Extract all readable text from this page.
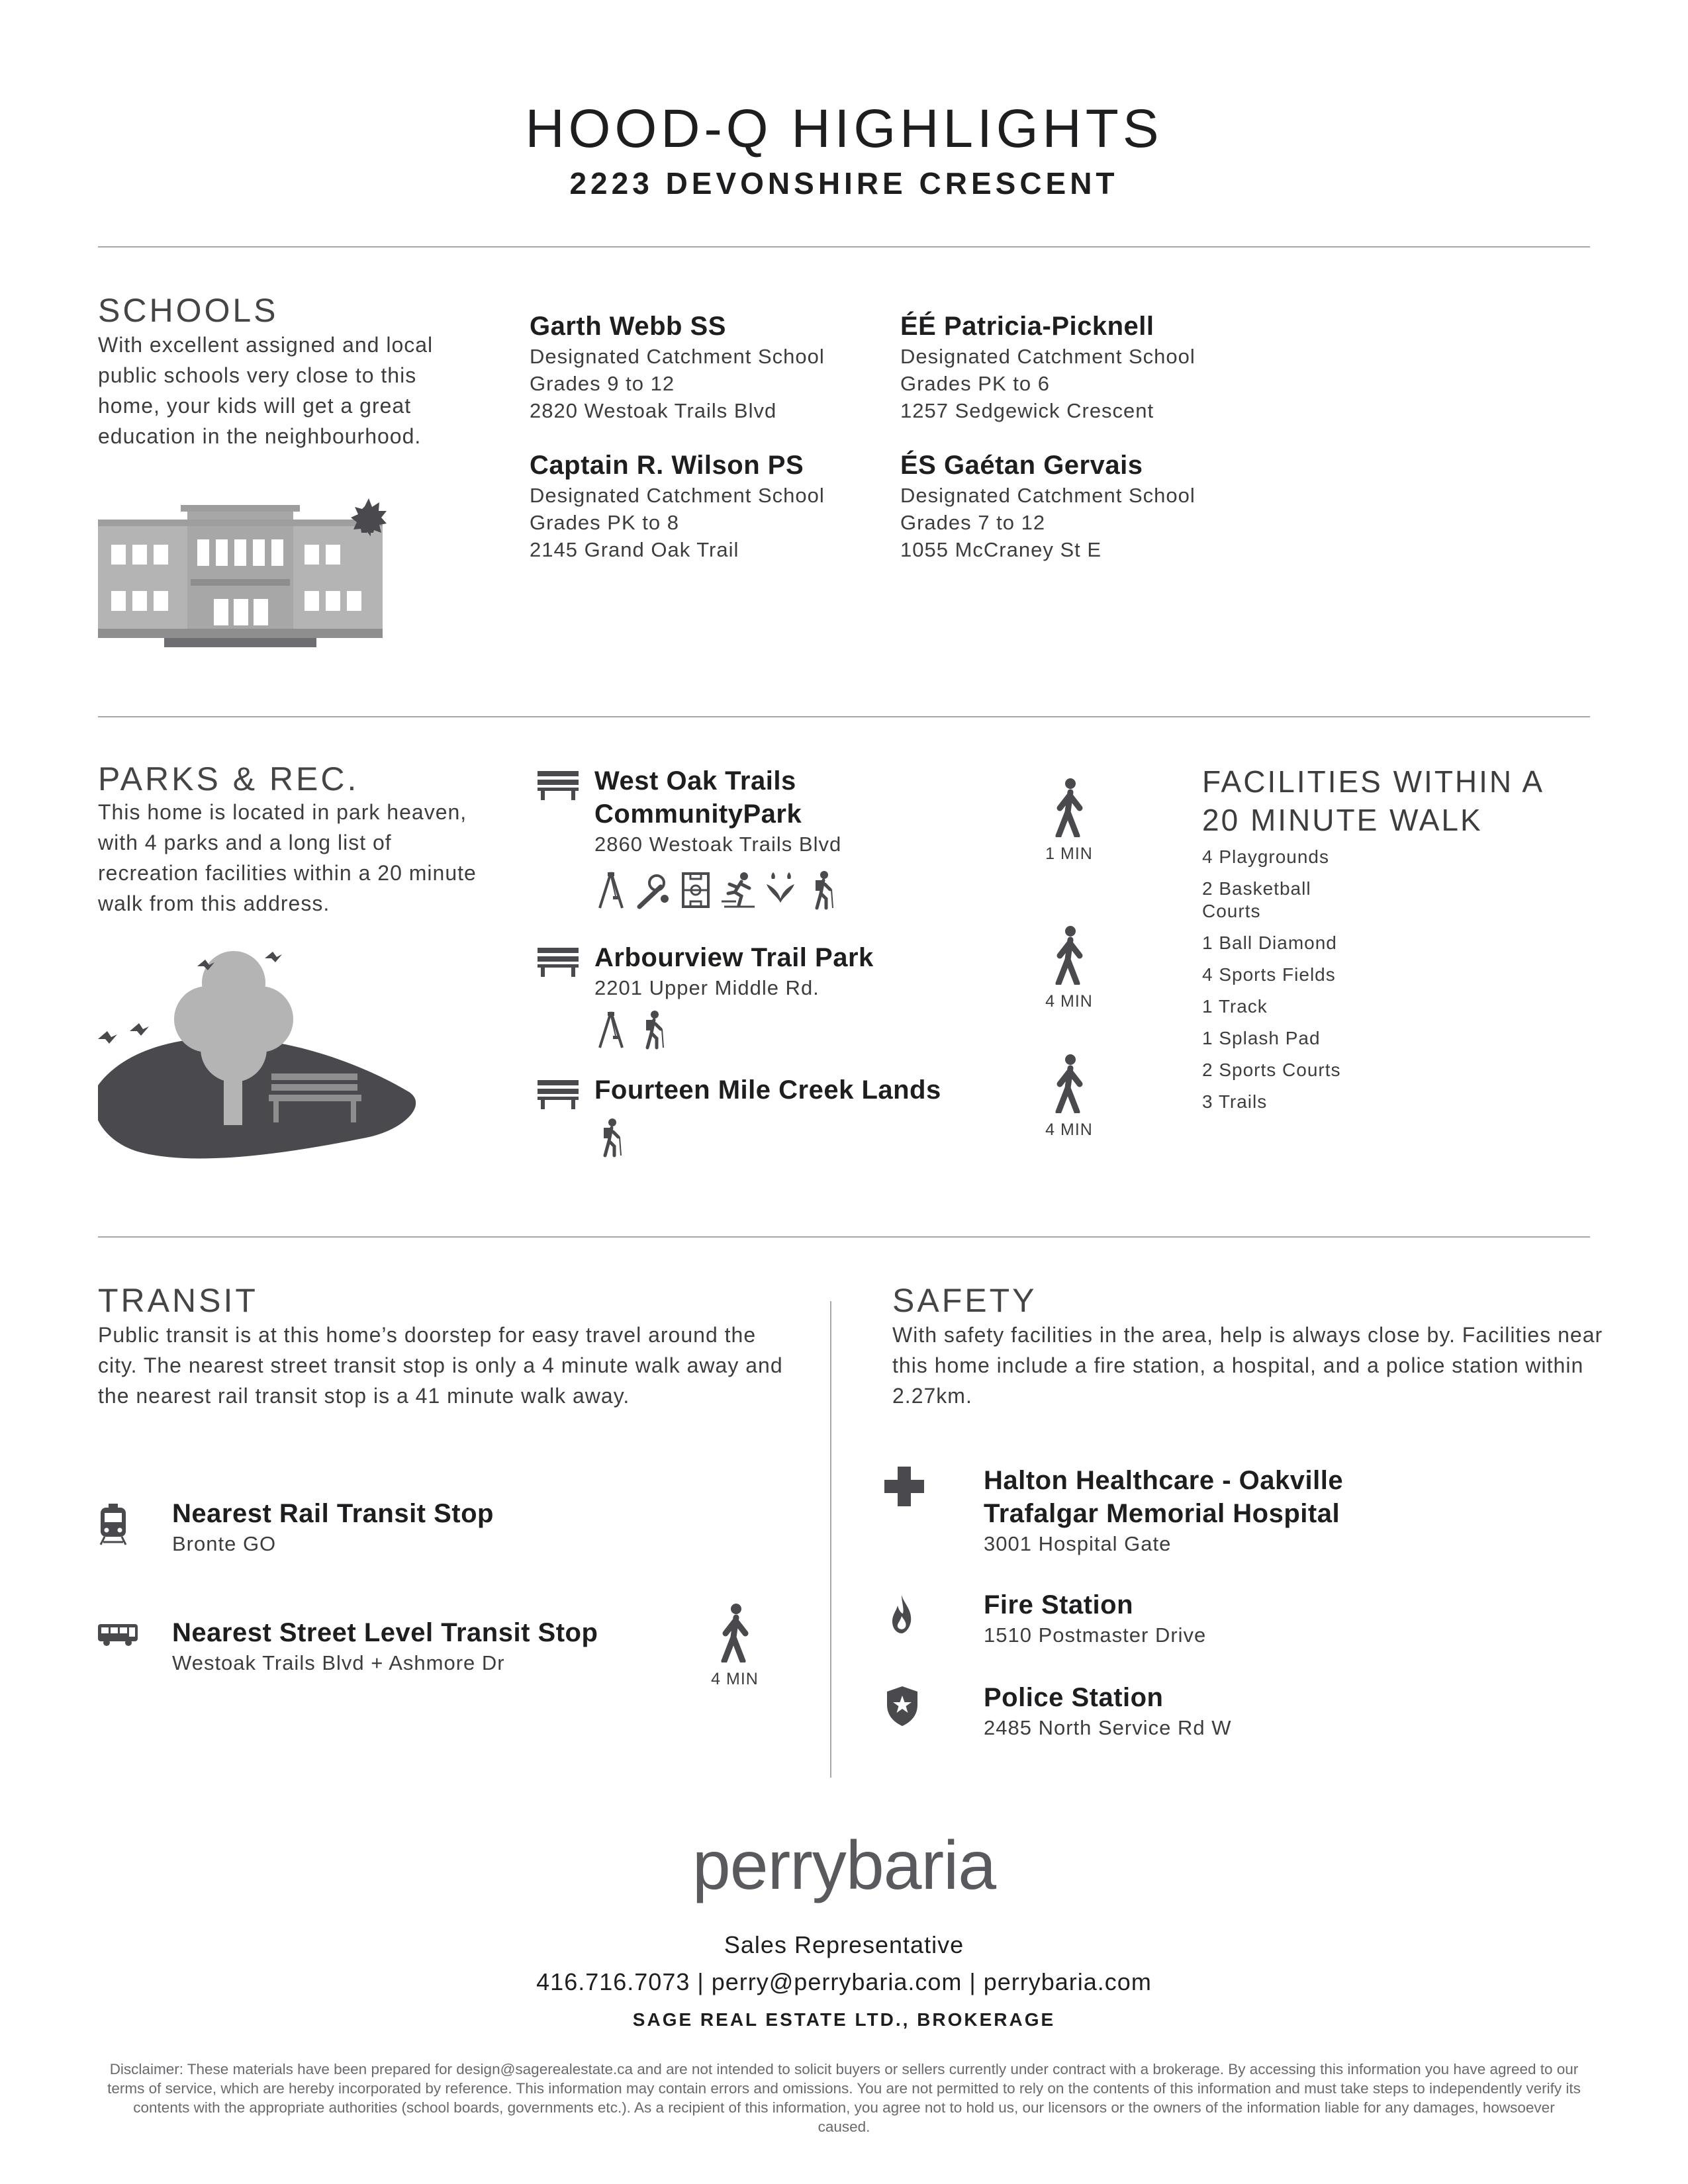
HOOD-Q HIGHLIGHTS
2223 DEVONSHIRE CRESCENT
SCHOOLS
With excellent assigned and local public schools very close to this home, your kids will get a great education in the neighbourhood.
Garth Webb SS
Designated Catchment School
Grades 9 to 12
2820 Westoak Trails Blvd
ÉÉ Patricia-Picknell
Designated Catchment School
Grades PK to 6
1257 Sedgewick Crescent
Captain R. Wilson PS
Designated Catchment School
Grades PK to 8
2145 Grand Oak Trail
ÉS Gaétan Gervais
Designated Catchment School
Grades 7 to 12
1055 McCraney St E
PARKS & REC.
This home is located in park heaven, with 4 parks and a long list of recreation facilities within a 20 minute walk from this address.
West Oak Trails
CommunityPark
2860 Westoak Trails Blvd
Arbourview Trail Park
2201 Upper Middle Rd.
Fourteen Mile Creek Lands
1 MIN
4 MIN
4 MIN
FACILITIES WITHIN A
20 MINUTE WALK
4 Playgrounds
2 Basketball Courts
1 Ball Diamond
4 Sports Fields
1 Track
1 Splash Pad
2 Sports Courts
3 Trails
TRANSIT
Public transit is at this home’s doorstep for easy travel around the city. The nearest street transit stop is only a 4 minute walk away and the nearest rail transit stop is a 41 minute walk away.
Nearest Rail Transit Stop
Bronte GO
Nearest Street Level Transit Stop
Westoak Trails Blvd + Ashmore Dr
4 MIN
SAFETY
With safety facilities in the area, help is always close by. Facilities near this home include a fire station, a hospital, and a police station within 2.27km.
Halton Healthcare - Oakville
Trafalgar Memorial Hospital
3001 Hospital Gate
Fire Station
1510 Postmaster Drive
Police Station
2485 North Service Rd W
perrybaria
Sales Representative
416.716.7073 | perry@perrybaria.com | perrybaria.com
SAGE REAL ESTATE LTD., BROKERAGE
Disclaimer: These materials have been prepared for design@sagerealestate.ca and are not intended to solicit buyers or sellers currently under contract with a brokerage. By accessing this information you have agreed to our terms of service, which are hereby incorporated by reference. This information may contain errors and omissions. You are not permitted to rely on the contents of this information and must take steps to independently verify its contents with the appropriate authorities (school boards, governments etc.). As a recipient of this information, you agree not to hold us, our licensors or the owners of the information liable for any damages, howsoever caused.
